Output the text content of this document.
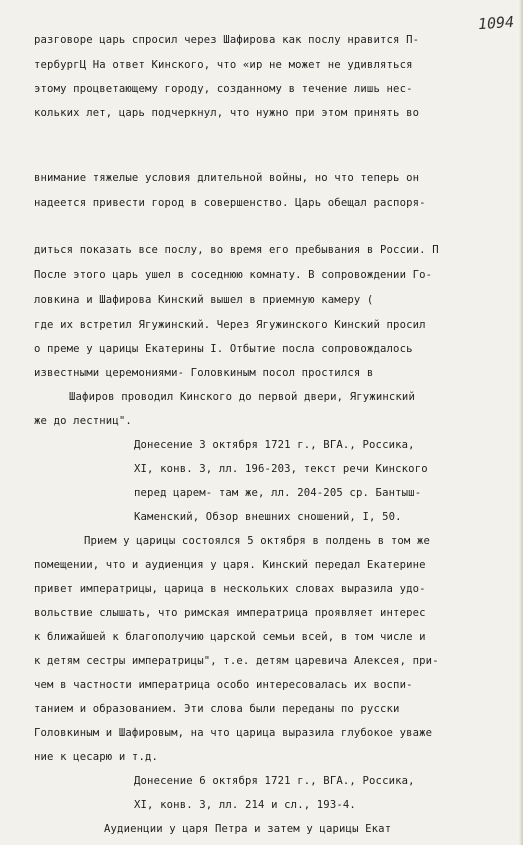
1094
разговоре царь спросил через Шафирова как послу нравится П-
тербургЦ На ответ Кинского, что «ир не может не удивляться
этому процветающему городу, созданному в течение лишь нес-
кольких лет, царь подчеркнул, что нужно при этом принять во
внимание тяжелые условия длительной войны, но что теперь он
надеется привести город в совершенство. Царь обещал распоря-
диться показать все послу, во время его пребывания в России. П
После этого царь ушел в соседнюю комнату. В сопровождении Го-
ловкина и Шафирова Кинский вышел в приемную камеру (
где их встретил Ягужинский. Через Ягужинского Кинский просил
о преме у царицы Екатерины I. Отбытие посла сопровождалось
известными церемониями- Головкиным посол простился в
Шафиров проводил Кинского до первой двери, Ягужинский
же до лестниц".
Донесение 3 октября 1721 г., ВГА., Россика,
XI, конв. 3, лл. 196-203, текст речи Кинского
перед царем- там же, лл. 204-205 ср. Бантыш-
Каменский, Обзор внешних сношений, I, 50.
Прием у царицы состоялся 5 октября в полдень в том же
помещении, что и аудиенция у царя. Кинский передал Екатерине
привет императрицы, царица в нескольких словах выразила удо-
вольствие слышать, что римская императрица проявляет интерес
к ближайшей к благополучию царской семьи всей, в том числе и
к детям сестры императрицы", т.е. детям царевича Алексея, при-
чем в частности императрица особо интересовалась их воспи-
танием и образованием. Эти слова были переданы по русски
Головкиным и Шафировым, на что царица выразила глубокое уваже
ние к цесарю и т.д.
Донесение 6 октября 1721 г., ВГА., Россика,
XI, конв. 3, лл. 214 и сл., 193-4.
Аудиенции у царя Петра и затем у царицы Екат
